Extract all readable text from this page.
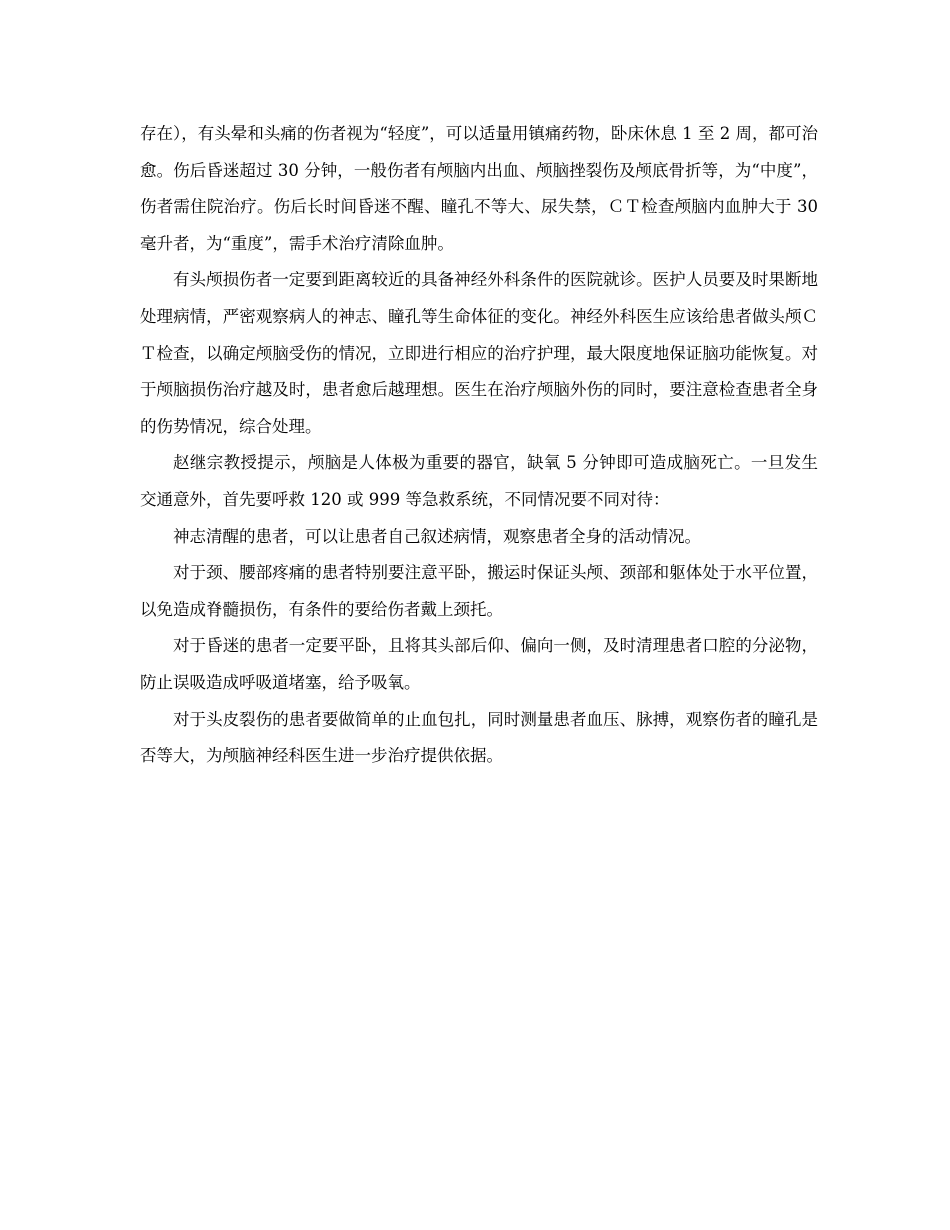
存在），有头晕和头痛的伤者视为“轻度”，可以适量用镇痛药物，卧床休息 1 至 2 周，都可治愈。伤后昏迷超过 30 分钟，一般伤者有颅脑内出血、颅脑挫裂伤及颅底骨折等，为“中度”，伤者需住院治疗。伤后长时间昏迷不醒、瞳孔不等大、尿失禁，ＣＴ检查颅脑内血肿大于 30 毫升者，为“重度”，需手术治疗清除血肿。

有头颅损伤者一定要到距离较近的具备神经外科条件的医院就诊。医护人员要及时果断地处理病情，严密观察病人的神志、瞳孔等生命体征的变化。神经外科医生应该给患者做头颅ＣＴ检查，以确定颅脑受伤的情况，立即进行相应的治疗护理，最大限度地保证脑功能恢复。对于颅脑损伤治疗越及时，患者愈后越理想。医生在治疗颅脑外伤的同时，要注意检查患者全身的伤势情况，综合处理。

赵继宗教授提示，颅脑是人体极为重要的器官，缺氧 5 分钟即可造成脑死亡。一旦发生交通意外，首先要呼救 120 或 999 等急救系统，不同情况要不同对待：

神志清醒的患者，可以让患者自己叙述病情，观察患者全身的活动情况。

对于颈、腰部疼痛的患者特别要注意平卧，搬运时保证头颅、颈部和躯体处于水平位置，以免造成脊髓损伤，有条件的要给伤者戴上颈托。

对于昏迷的患者一定要平卧，且将其头部后仰、偏向一侧，及时清理患者口腔的分泌物，防止误吸造成呼吸道堵塞，给予吸氧。

对于头皮裂伤的患者要做简单的止血包扎，同时测量患者血压、脉搏，观察伤者的瞳孔是否等大，为颅脑神经科医生进一步治疗提供依据。
